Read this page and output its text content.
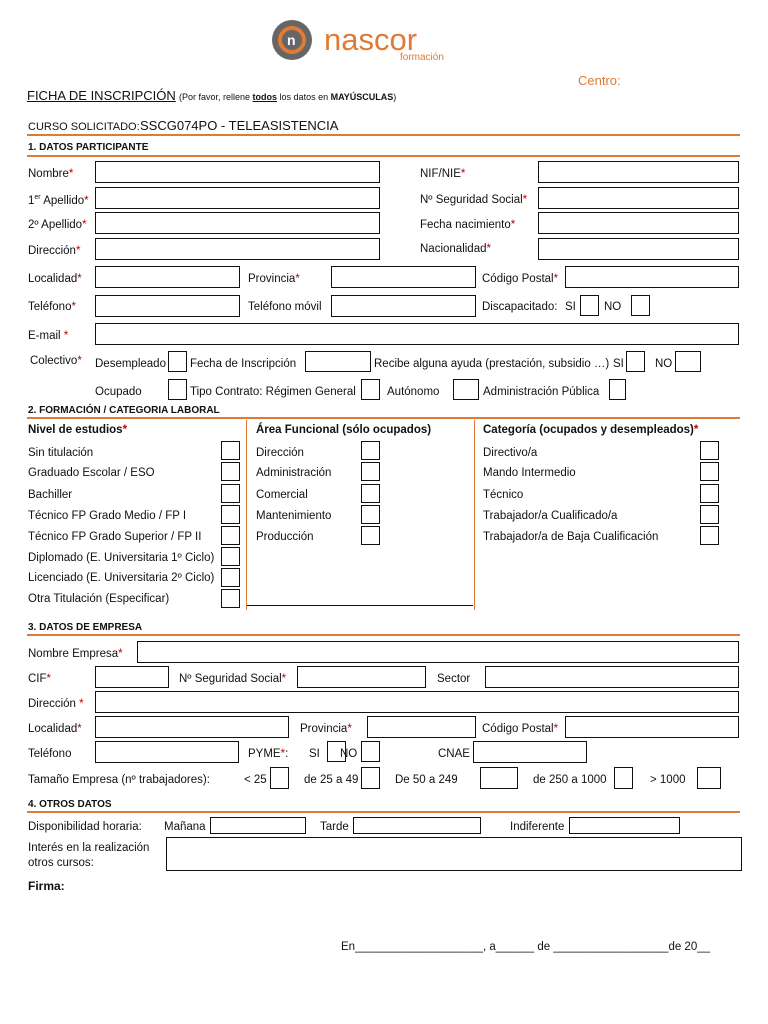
n nascor
formación
Centro:
FICHA DE INSCRIPCIÓN (Por favor, rellene todos los datos en MAYÚSCULAS)
CURSO SOLICITADO: SSCG074PO - TELEASISTENCIA
1. DATOS PARTICIPANTE
Nombre*	NIF/NIE*
1er Apellido*	Nº Seguridad Social*
2º Apellido*	Fecha nacimiento*
Dirección*	Nacionalidad*
Localidad*	Provincia*	Código Postal*
Teléfono*	Teléfono móvil	Discapacitado: SI NO
E-mail *
Colectivo* Desempleado Fecha de Inscripción	Recibe alguna ayuda (prestación, subsidio …) SI	NO
Ocupado	Tipo Contrato: Régimen General	Autónomo	Administración Pública
2. FORMACIÓN / CATEGORIA LABORAL
Nivel de estudios*	Área Funcional (sólo ocupados)	Categoría (ocupados y desempleados)*
Sin titulación
Graduado Escolar / ESO
Bachiller
Técnico FP Grado Medio / FP I
Técnico FP Grado Superior / FP II
Diplomado (E. Universitaria 1º Ciclo)
Licenciado (E. Universitaria 2º Ciclo)
Otra Titulación (Especificar)
Dirección
Administración
Comercial
Mantenimiento
Producción
Directivo/a
Mando Intermedio
Técnico
Trabajador/a Cualificado/a
Trabajador/a de Baja Cualificación
3. DATOS DE EMPRESA
Nombre Empresa*
CIF*	Nº Seguridad Social*	Sector
Dirección *
Localidad*	Provincia*	Código Postal*
Teléfono	PYME*: SI NO	CNAE
Tamaño Empresa (nº trabajadores):	< 25	de 25 a 49	De 50 a 249	de 250 a 1000	> 1000
4. OTROS DATOS
Disponibilidad horaria: Mañana	Tarde	Indiferente
Interés en la realización
otros cursos:
Firma:
En____________________, a______ de __________________de 20__
